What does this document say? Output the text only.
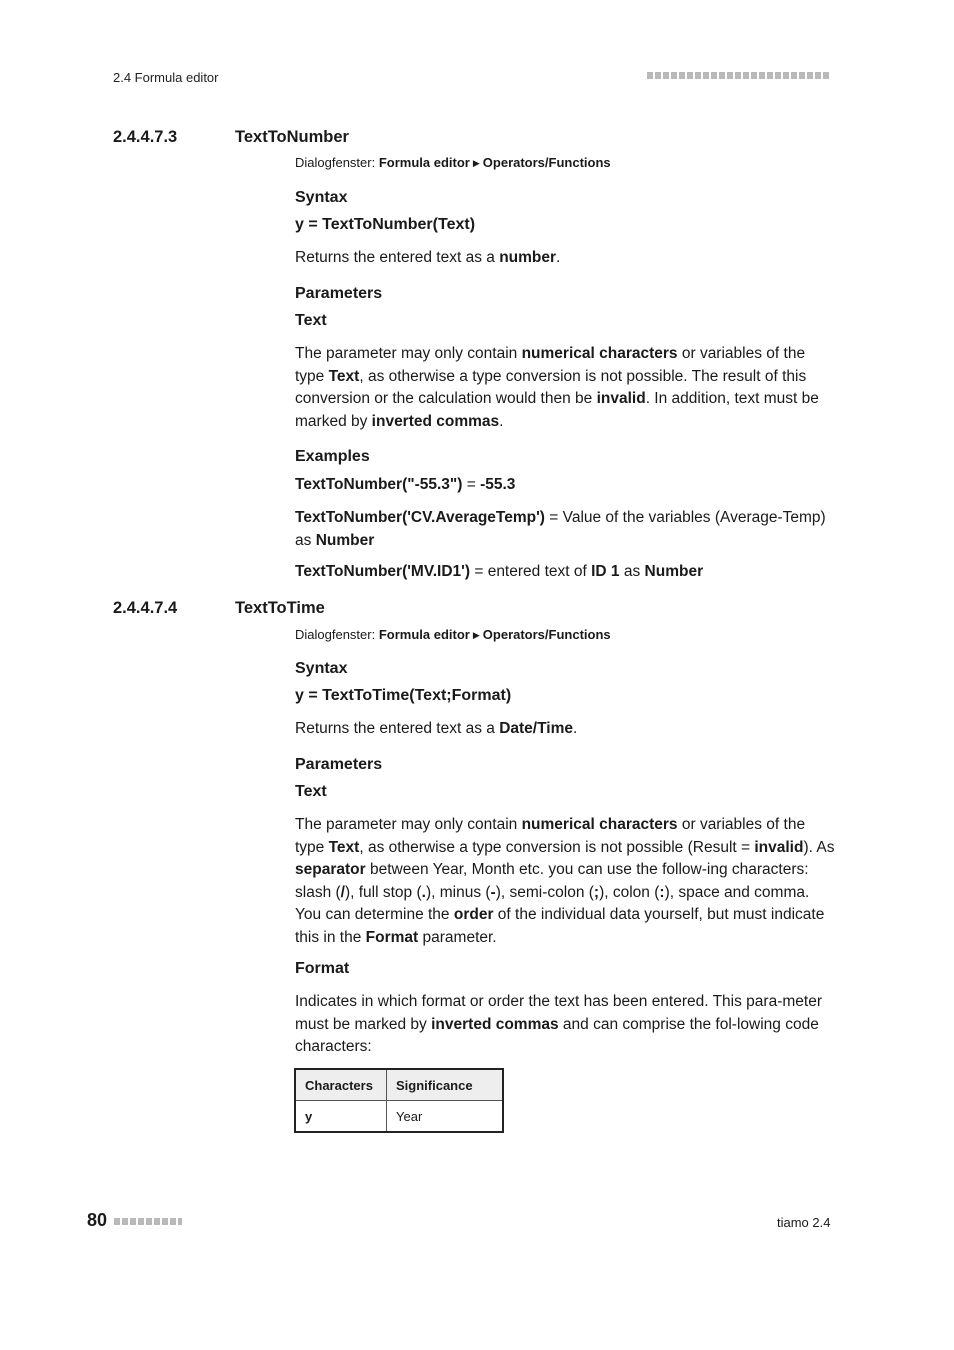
2.4 Formula editor
2.4.4.7.3	TextToNumber
Dialogfenster: Formula editor ▶ Operators/Functions
Syntax
y = TextToNumber(Text)
Returns the entered text as a number.
Parameters
Text
The parameter may only contain numerical characters or variables of the type Text, as otherwise a type conversion is not possible. The result of this conversion or the calculation would then be invalid. In addition, text must be marked by inverted commas.
Examples
TextToNumber("-55.3") = -55.3
TextToNumber('CV.AverageTemp') = Value of the variables (Average-Temp) as Number
TextToNumber('MV.ID1') = entered text of ID 1 as Number
2.4.4.7.4	TextToTime
Dialogfenster: Formula editor ▶ Operators/Functions
Syntax
y = TextToTime(Text;Format)
Returns the entered text as a Date/Time.
Parameters
Text
The parameter may only contain numerical characters or variables of the type Text, as otherwise a type conversion is not possible (Result = invalid). As separator between Year, Month etc. you can use the follow-ing characters: slash (/), full stop (.), minus (-), semi-colon (;), colon (:), space and comma. You can determine the order of the individual data yourself, but must indicate this in the Format parameter.
Format
Indicates in which format or order the text has been entered. This para-meter must be marked by inverted commas and can comprise the fol-lowing code characters:
Characters	Significance
y	Year
80	tiamo 2.4
